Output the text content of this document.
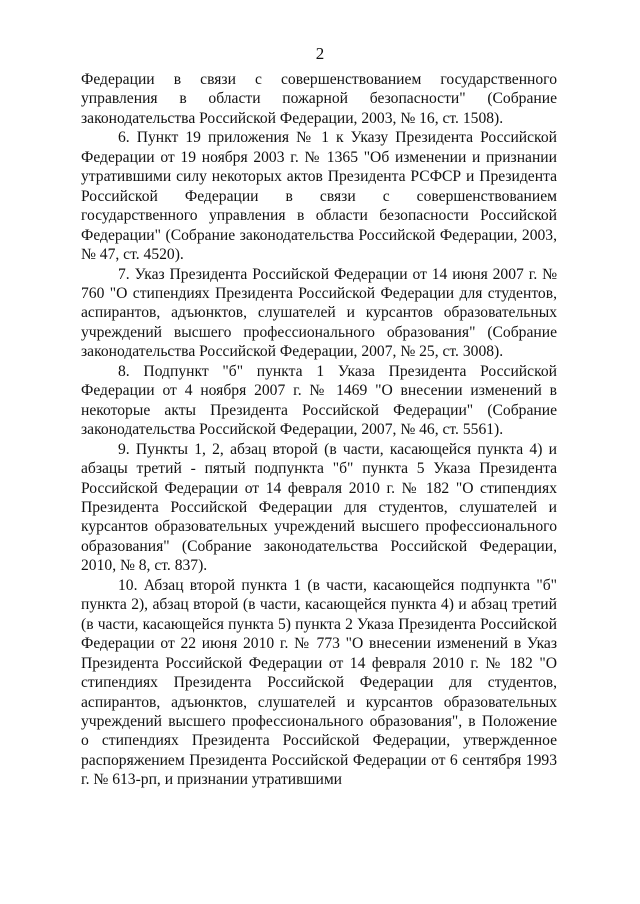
2

Федерации в связи с совершенствованием государственного управления в области пожарной безопасности" (Собрание законодательства Российской Федерации, 2003, № 16, ст. 1508).

6. Пункт 19 приложения № 1 к Указу Президента Российской Федерации от 19 ноября 2003 г. № 1365 "Об изменении и признании утратившими силу некоторых актов Президента РСФСР и Президента Российской Федерации в связи с совершенствованием государственного управления в области безопасности Российской Федерации" (Собрание законодательства Российской Федерации, 2003, № 47, ст. 4520).

7. Указ Президента Российской Федерации от 14 июня 2007 г. № 760 "О стипендиях Президента Российской Федерации для студентов, аспирантов, адъюнктов, слушателей и курсантов образовательных учреждений высшего профессионального образования" (Собрание законодательства Российской Федерации, 2007, № 25, ст. 3008).

8. Подпункт "б" пункта 1 Указа Президента Российской Федерации от 4 ноября 2007 г. № 1469 "О внесении изменений в некоторые акты Президента Российской Федерации" (Собрание законодательства Российской Федерации, 2007, № 46, ст. 5561).

9. Пункты 1, 2, абзац второй (в части, касающейся пункта 4) и абзацы третий - пятый подпункта "б" пункта 5 Указа Президента Российской Федерации от 14 февраля 2010 г. № 182 "О стипендиях Президента Российской Федерации для студентов, слушателей и курсантов образовательных учреждений высшего профессионального образования" (Собрание законодательства Российской Федерации, 2010, № 8, ст. 837).

10. Абзац второй пункта 1 (в части, касающейся подпункта "б" пункта 2), абзац второй (в части, касающейся пункта 4) и абзац третий (в части, касающейся пункта 5) пункта 2 Указа Президента Российской Федерации от 22 июня 2010 г. № 773 "О внесении изменений в Указ Президента Российской Федерации от 14 февраля 2010 г. № 182 "О стипендиях Президента Российской Федерации для студентов, аспирантов, адъюнктов, слушателей и курсантов образовательных учреждений высшего профессионального образования", в Положение о стипендиях Президента Российской Федерации, утвержденное распоряжением Президента Российской Федерации от 6 сентября 1993 г. № 613-рп, и признании утратившими
